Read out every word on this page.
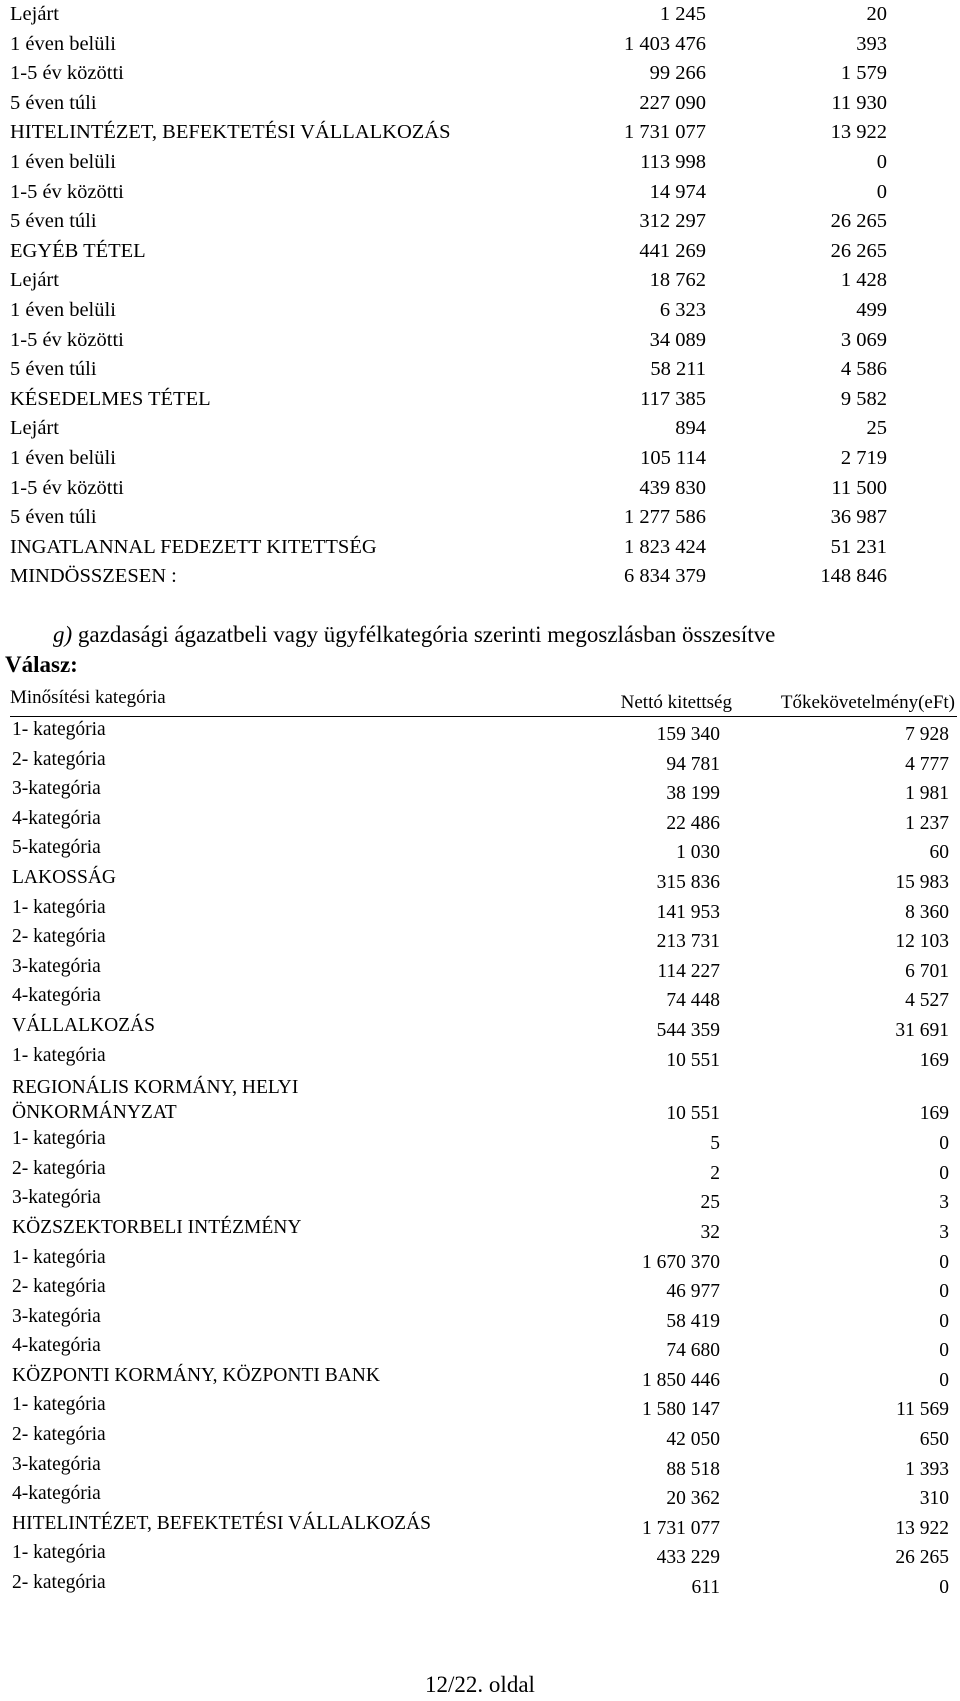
Lejárt	1 245	20
1 éven belüli	1 403 476	393
1-5 év közötti	99 266	1 579
5 éven túli	227 090	11 930
HITELINTÉZET, BEFEKTETÉSI VÁLLALKOZÁS	1 731 077	13 922
1 éven belüli	113 998	0
1-5 év közötti	14 974	0
5 éven túli	312 297	26 265
EGYÉB TÉTEL	441 269	26 265
Lejárt	18 762	1 428
1 éven belüli	6 323	499
1-5 év közötti	34 089	3 069
5 éven túli	58 211	4 586
KÉSEDELMES TÉTEL	117 385	9 582
Lejárt	894	25
1 éven belüli	105 114	2 719
1-5 év közötti	439 830	11 500
5 éven túli	1 277 586	36 987
INGATLANNAL FEDEZETT KITETTSÉG	1 823 424	51 231
MINDÖSSZESEN :	6 834 379	148 846
g) gazdasági ágazatbeli vagy ügyfélkategória szerinti megoszlásban összesítve
Válasz:
Minősítési kategória	Nettó kitettség	Tőkekövetelmény(eFt)
1- kategória	159 340	7 928
2- kategória	94 781	4 777
3-kategória	38 199	1 981
4-kategória	22 486	1 237
5-kategória	1 030	60
LAKOSSÁG	315 836	15 983
1- kategória	141 953	8 360
2- kategória	213 731	12 103
3-kategória	114 227	6 701
4-kategória	74 448	4 527
VÁLLALKOZÁS	544 359	31 691
1- kategória	10 551	169
REGIONÁLIS KORMÁNY, HELYI ÖNKORMÁNYZAT	10 551	169
1- kategória	5	0
2- kategória	2	0
3-kategória	25	3
KÖZSZEKTORBELI INTÉZMÉNY	32	3
1- kategória	1 670 370	0
2- kategória	46 977	0
3-kategória	58 419	0
4-kategória	74 680	0
KÖZPONTI KORMÁNY, KÖZPONTI BANK	1 850 446	0
1- kategória	1 580 147	11 569
2- kategória	42 050	650
3-kategória	88 518	1 393
4-kategória	20 362	310
HITELINTÉZET, BEFEKTETÉSI VÁLLALKOZÁS	1 731 077	13 922
1- kategória	433 229	26 265
2- kategória	611	0
12/22. oldal
